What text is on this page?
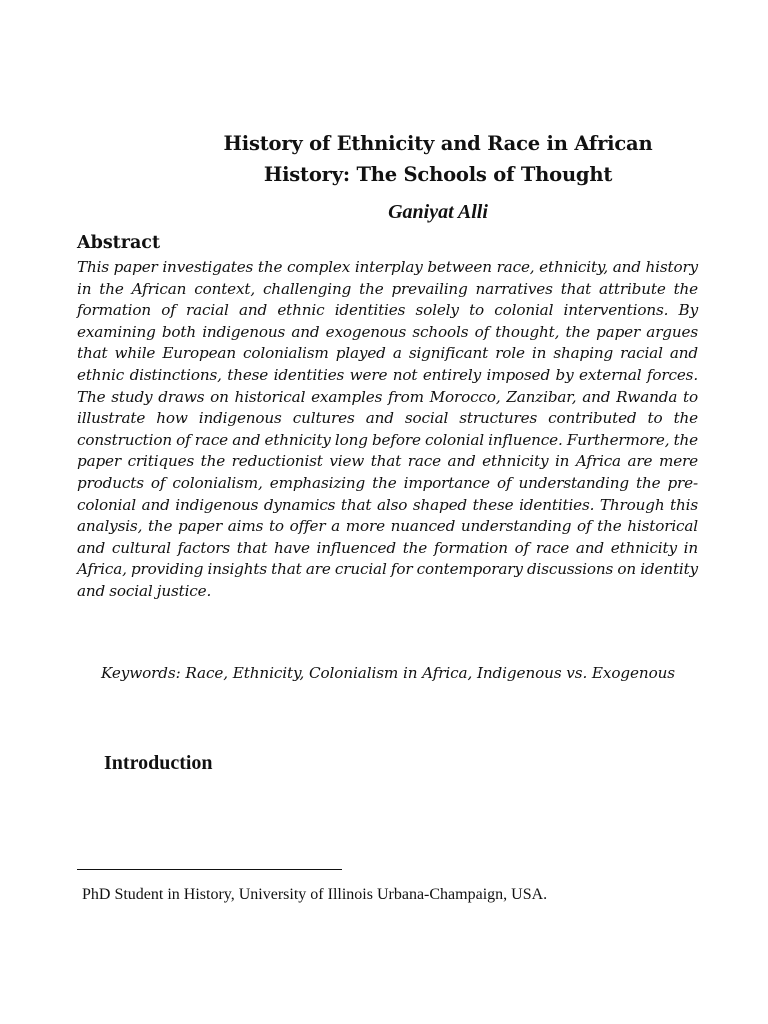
History of Ethnicity and Race in African
History: The Schools of Thought
Ganiyat Alli
Abstract

This paper investigates the complex interplay between race, ethnicity, and history in the African context, challenging the prevailing narratives that attribute the formation of racial and ethnic identities solely to colonial interventions. By examining both indigenous and exogenous schools of thought, the paper argues that while European colonialism played a significant role in shaping racial and ethnic distinctions, these identities were not entirely imposed by external forces. The study draws on historical examples from Morocco, Zanzibar, and Rwanda to illustrate how indigenous cultures and social structures contributed to the construction of race and ethnicity long before colonial influence. Furthermore, the paper critiques the reductionist view that race and ethnicity in Africa are mere products of colonialism, emphasizing the importance of understanding the pre-colonial and indigenous dynamics that also shaped these identities. Through this analysis, the paper aims to offer a more nuanced understanding of the historical and cultural factors that have influenced the formation of race and ethnicity in Africa, providing insights that are crucial for contemporary discussions on identity and social justice.

Keywords: Race, Ethnicity, Colonialism in Africa, Indigenous vs. Exogenous

Introduction
PhD Student in History, University of Illinois Urbana-Champaign, USA.
